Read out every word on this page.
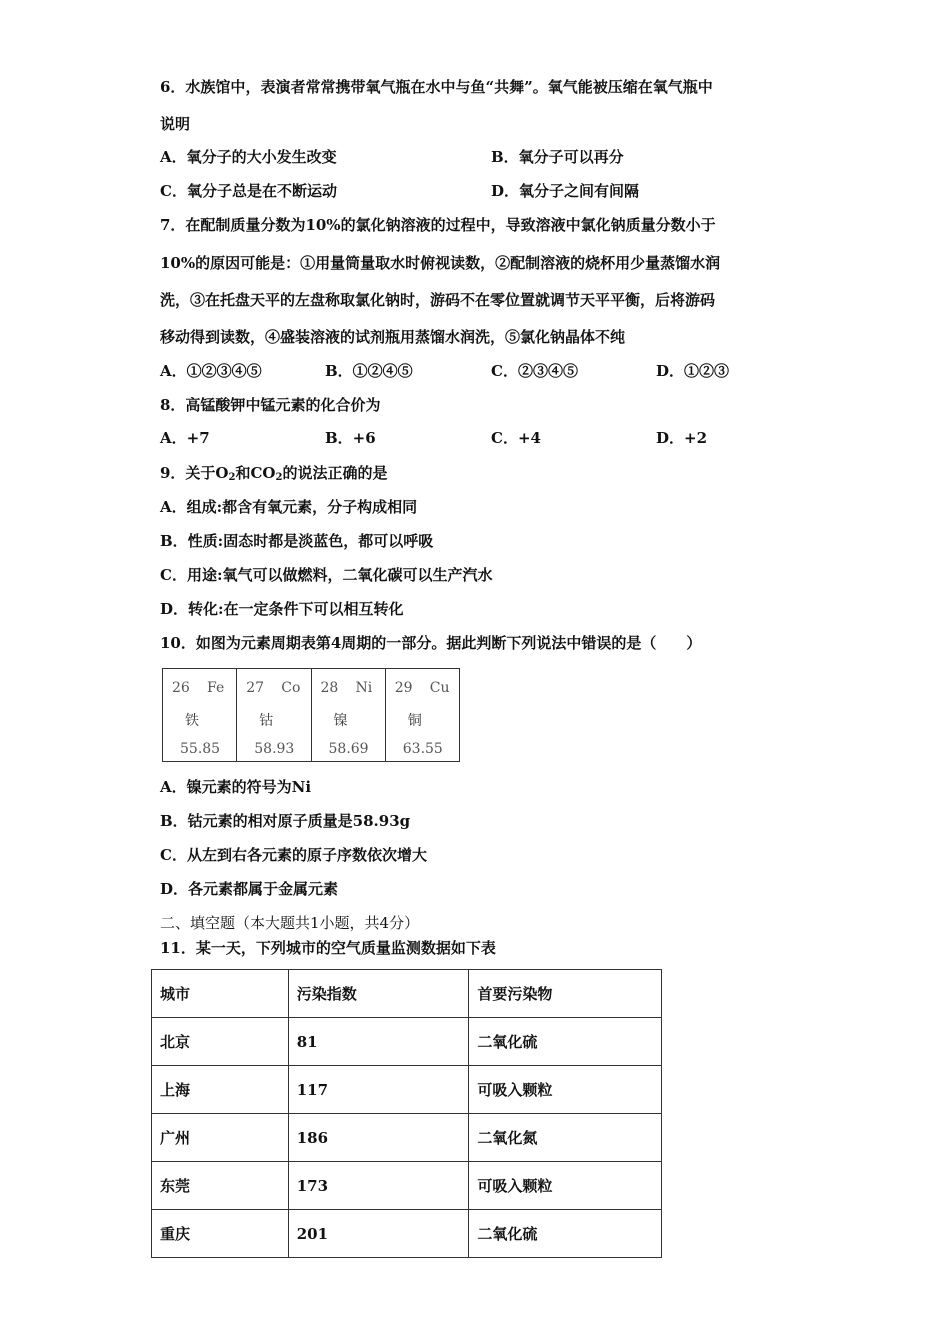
6．水族馆中，表演者常常携带氧气瓶在水中与鱼“共舞”。氧气能被压缩在氧气瓶中
说明
A．氧分子的大小发生改变	B．氧分子可以再分
C．氧分子总是在不断运动	D．氧分子之间有间隔
7．在配制质量分数为10%的氯化钠溶液的过程中，导致溶液中氯化钠质量分数小于
10%的原因可能是：①用量筒量取水时俯视读数，②配制溶液的烧杯用少量蒸馏水润
洗，③在托盘天平的左盘称取氯化钠时，游码不在零位置就调节天平平衡，后将游码
移动得到读数，④盛装溶液的试剂瓶用蒸馏水润洗，⑤氯化钠晶体不纯
A．①②③④⑤	B．①②④⑤	C．②③④⑤	D．①②③
8．高锰酸钾中锰元素的化合价为
A．+7	B．+6	C．+4	D．+2
9．关于$O_2$和$CO_2$的说法正确的是
A．组成:都含有氧元素，分子构成相同
B．性质:固态时都是淡蓝色，都可以呼吸
C．用途:氧气可以做燃料，二氧化碳可以生产汽水
D．转化:在一定条件下可以相互转化
10．如图为元素周期表第4周期的一部分。据此判断下列说法中错误的是（　　）
26 Fe
铁
55.85
27 Co
钴
58.93
28 Ni
镍
58.69
29 Cu
铜
63.55
A．镍元素的符号为Ni
B．钴元素的相对原子质量是58.93g
C．从左到右各元素的原子序数依次增大
D．各元素都属于金属元素
二、填空题（本大题共1小题，共4分）
11．某一天，下列城市的空气质量监测数据如下表
城市	污染指数	首要污染物
北京	81	二氧化硫
上海	117	可吸入颗粒
广州	186	二氧化氮
东莞	173	可吸入颗粒
重庆	201	二氧化硫
